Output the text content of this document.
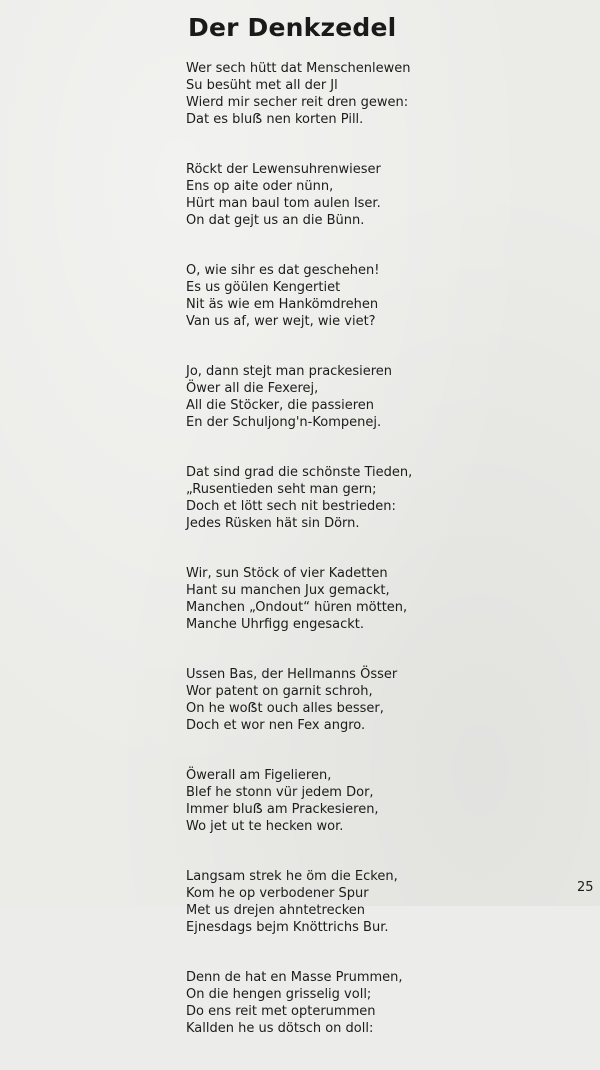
Der Denkzedel
Wer sech hütt dat Menschenlewen
Su besüht met all der Jl
Wierd mir secher reit dren gewen:
Dat es bluẞ nen korten Pill.
Röckt der Lewensuhrenwieser
Ens op aite oder nünn,
Hürt man baul tom aulen Iser.
On dat gejt us an die Bünn.
O, wie sihr es dat geschehen!
Es us göülen Kengertiet
Nit äs wie em Hankömdrehen
Van us af, wer wejt, wie viet?
Jo, dann stejt man prackesieren
Öwer all die Fexerej,
All die Stöcker, die passieren
En der Schuljong'n-Kompenej.
Dat sind grad die schönste Tieden,
„Rusentieden seht man gern;
Doch et lött sech nit bestrieden:
Jedes Rüsken hät sin Dörn.
Wir, sun Stöck of vier Kadetten
Hant su manchen Jux gemackt,
Manchen „Ondout“ hüren mötten,
Manche Uhrfigg engesackt.
Ussen Bas, der Hellmanns Össer
Wor patent on garnit schroh,
On he woẞt ouch alles besser,
Doch et wor nen Fex angro.
Öwerall am Figelieren,
Blef he stonn vür jedem Dor,
Immer bluẞ am Prackesieren,
Wo jet ut te hecken wor.
Langsam strek he öm die Ecken,
Kom he op verbodener Spur
Met us drejen ahntetrecken
Ejnesdags bejm Knöttrichs Bur.
Denn de hat en Masse Prummen,
On die hengen grisselig voll;
Do ens reit met opterummen
Kallden he us dötsch on doll:
25
